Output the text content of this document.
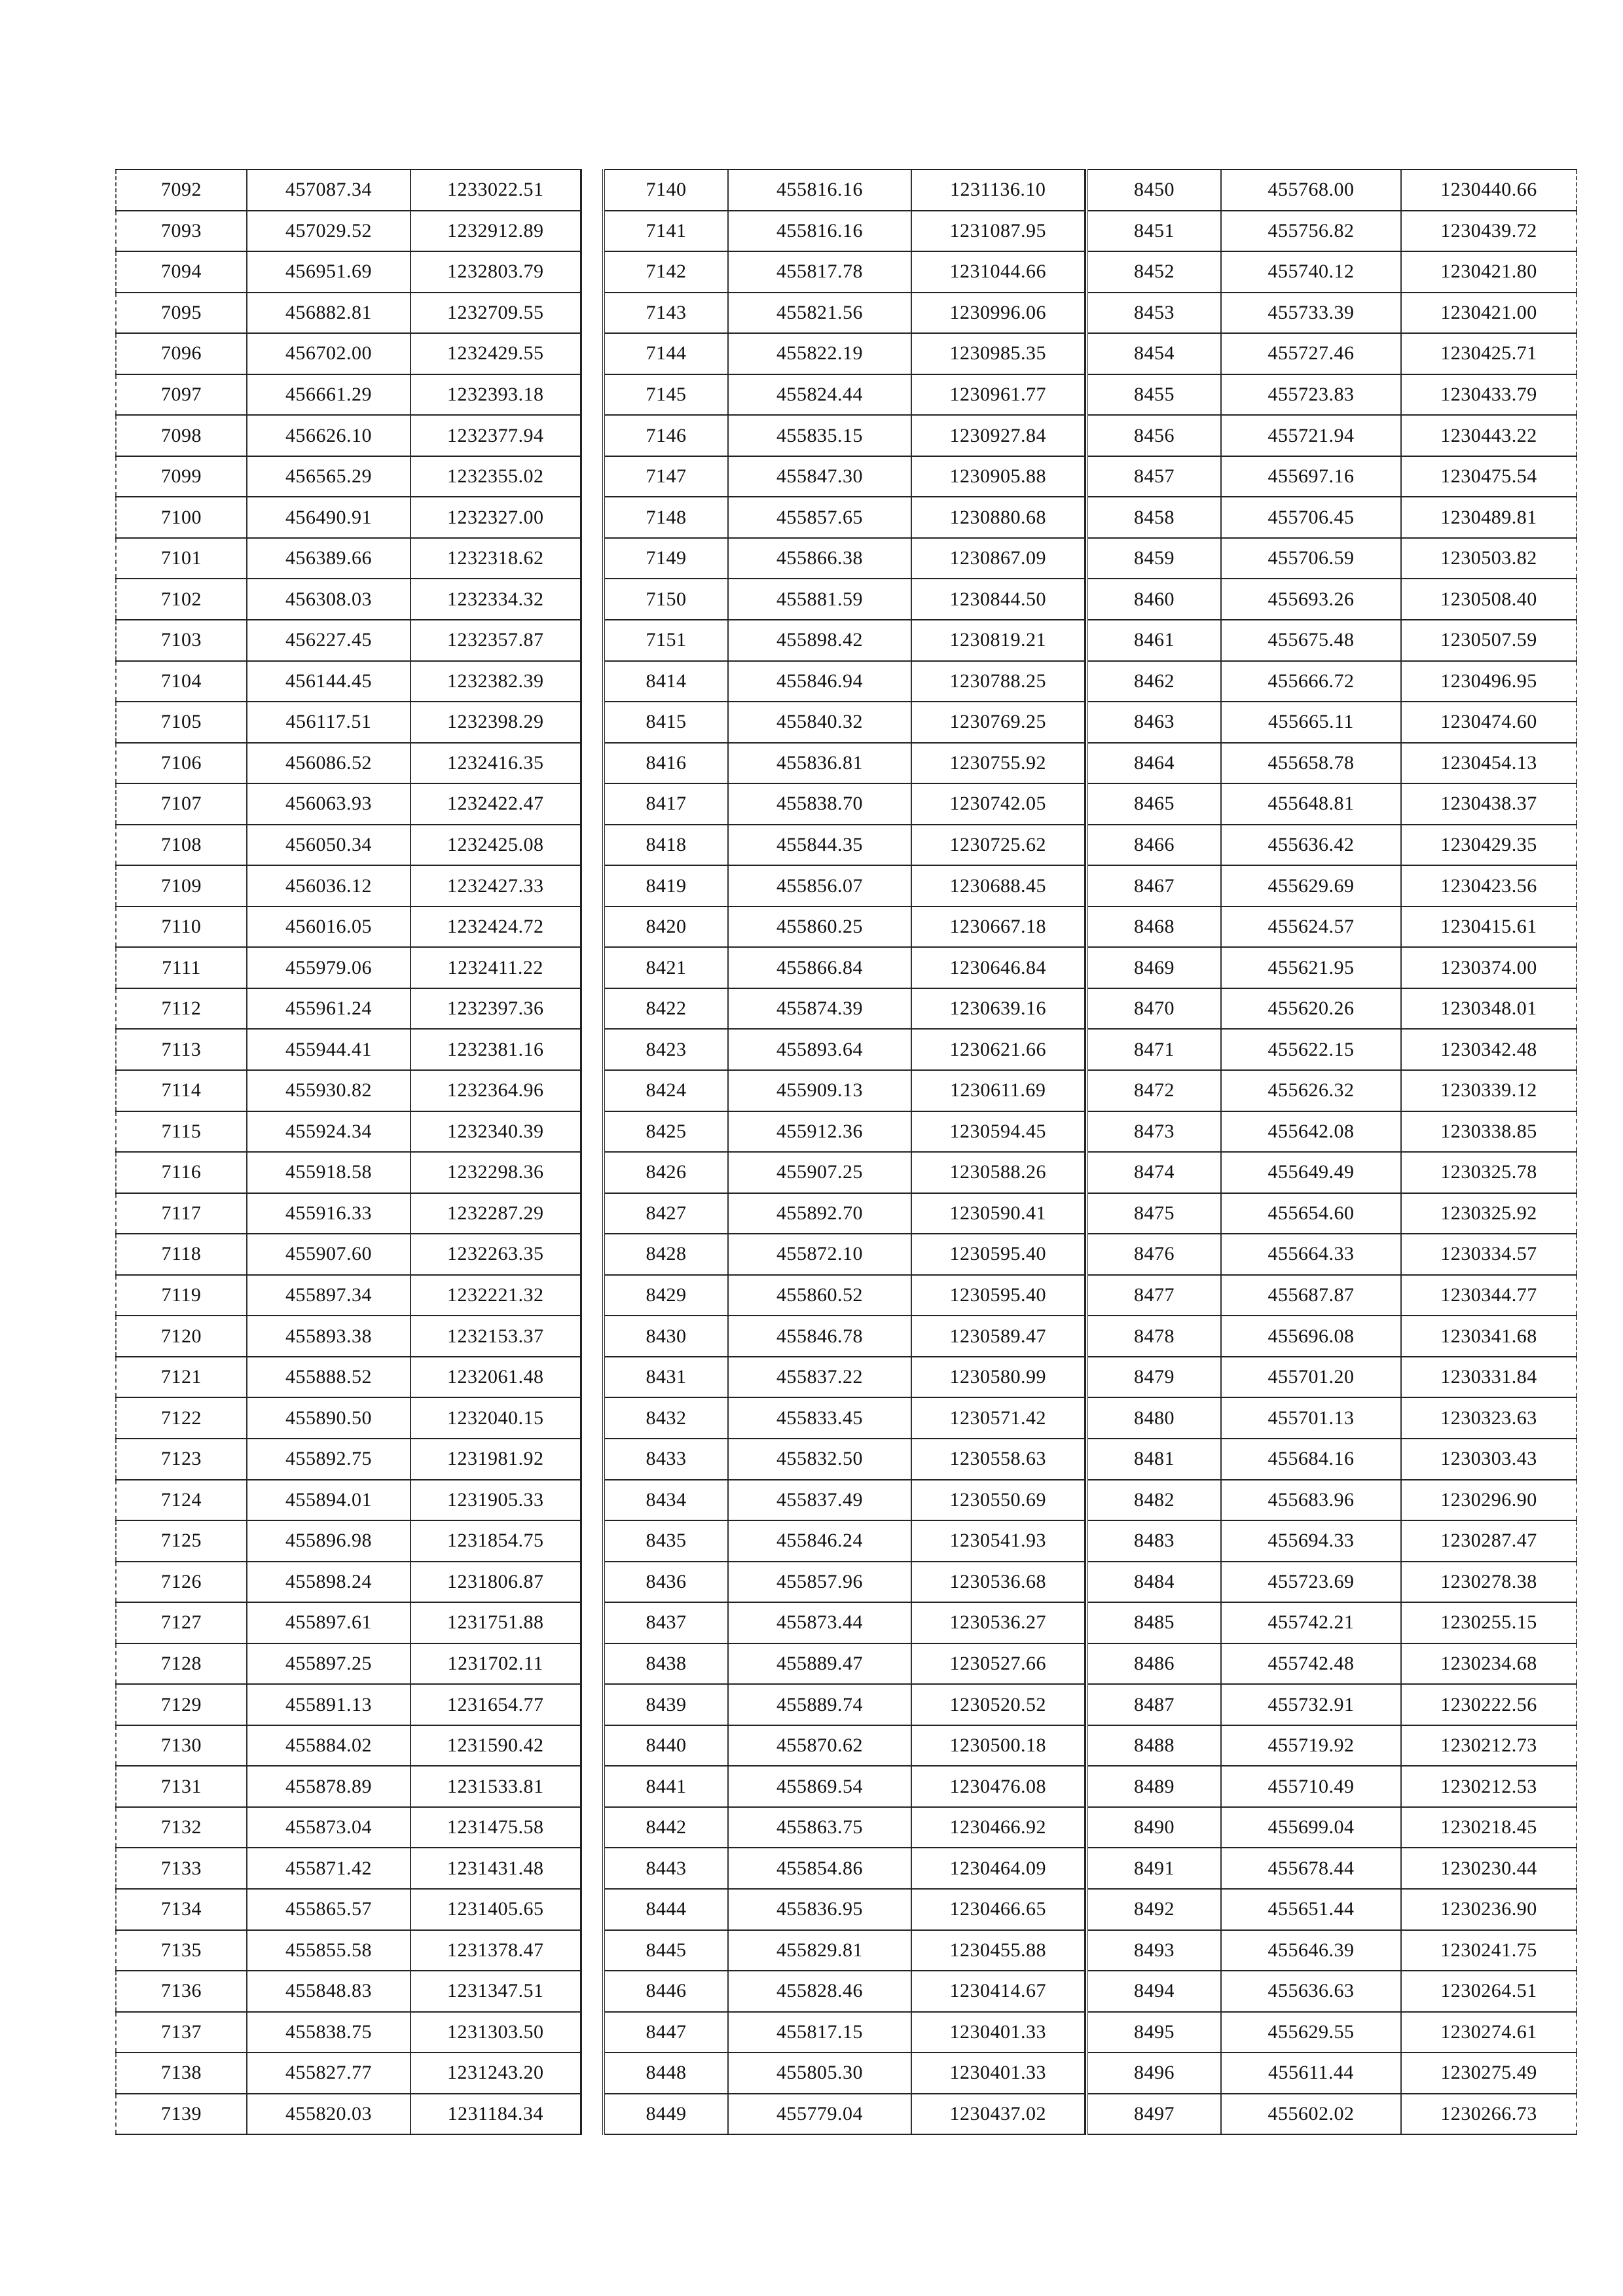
7092	457087.34	1233022.51
7093	457029.52	1232912.89
7094	456951.69	1232803.79
7095	456882.81	1232709.55
7096	456702.00	1232429.55
7097	456661.29	1232393.18
7098	456626.10	1232377.94
7099	456565.29	1232355.02
7100	456490.91	1232327.00
7101	456389.66	1232318.62
7102	456308.03	1232334.32
7103	456227.45	1232357.87
7104	456144.45	1232382.39
7105	456117.51	1232398.29
7106	456086.52	1232416.35
7107	456063.93	1232422.47
7108	456050.34	1232425.08
7109	456036.12	1232427.33
7110	456016.05	1232424.72
7111	455979.06	1232411.22
7112	455961.24	1232397.36
7113	455944.41	1232381.16
7114	455930.82	1232364.96
7115	455924.34	1232340.39
7116	455918.58	1232298.36
7117	455916.33	1232287.29
7118	455907.60	1232263.35
7119	455897.34	1232221.32
7120	455893.38	1232153.37
7121	455888.52	1232061.48
7122	455890.50	1232040.15
7123	455892.75	1231981.92
7124	455894.01	1231905.33
7125	455896.98	1231854.75
7126	455898.24	1231806.87
7127	455897.61	1231751.88
7128	455897.25	1231702.11
7129	455891.13	1231654.77
7130	455884.02	1231590.42
7131	455878.89	1231533.81
7132	455873.04	1231475.58
7133	455871.42	1231431.48
7134	455865.57	1231405.65
7135	455855.58	1231378.47
7136	455848.83	1231347.51
7137	455838.75	1231303.50
7138	455827.77	1231243.20
7139	455820.03	1231184.34
7140	455816.16	1231136.10
7141	455816.16	1231087.95
7142	455817.78	1231044.66
7143	455821.56	1230996.06
7144	455822.19	1230985.35
7145	455824.44	1230961.77
7146	455835.15	1230927.84
7147	455847.30	1230905.88
7148	455857.65	1230880.68
7149	455866.38	1230867.09
7150	455881.59	1230844.50
7151	455898.42	1230819.21
8414	455846.94	1230788.25
8415	455840.32	1230769.25
8416	455836.81	1230755.92
8417	455838.70	1230742.05
8418	455844.35	1230725.62
8419	455856.07	1230688.45
8420	455860.25	1230667.18
8421	455866.84	1230646.84
8422	455874.39	1230639.16
8423	455893.64	1230621.66
8424	455909.13	1230611.69
8425	455912.36	1230594.45
8426	455907.25	1230588.26
8427	455892.70	1230590.41
8428	455872.10	1230595.40
8429	455860.52	1230595.40
8430	455846.78	1230589.47
8431	455837.22	1230580.99
8432	455833.45	1230571.42
8433	455832.50	1230558.63
8434	455837.49	1230550.69
8435	455846.24	1230541.93
8436	455857.96	1230536.68
8437	455873.44	1230536.27
8438	455889.47	1230527.66
8439	455889.74	1230520.52
8440	455870.62	1230500.18
8441	455869.54	1230476.08
8442	455863.75	1230466.92
8443	455854.86	1230464.09
8444	455836.95	1230466.65
8445	455829.81	1230455.88
8446	455828.46	1230414.67
8447	455817.15	1230401.33
8448	455805.30	1230401.33
8449	455779.04	1230437.02
8450	455768.00	1230440.66
8451	455756.82	1230439.72
8452	455740.12	1230421.80
8453	455733.39	1230421.00
8454	455727.46	1230425.71
8455	455723.83	1230433.79
8456	455721.94	1230443.22
8457	455697.16	1230475.54
8458	455706.45	1230489.81
8459	455706.59	1230503.82
8460	455693.26	1230508.40
8461	455675.48	1230507.59
8462	455666.72	1230496.95
8463	455665.11	1230474.60
8464	455658.78	1230454.13
8465	455648.81	1230438.37
8466	455636.42	1230429.35
8467	455629.69	1230423.56
8468	455624.57	1230415.61
8469	455621.95	1230374.00
8470	455620.26	1230348.01
8471	455622.15	1230342.48
8472	455626.32	1230339.12
8473	455642.08	1230338.85
8474	455649.49	1230325.78
8475	455654.60	1230325.92
8476	455664.33	1230334.57
8477	455687.87	1230344.77
8478	455696.08	1230341.68
8479	455701.20	1230331.84
8480	455701.13	1230323.63
8481	455684.16	1230303.43
8482	455683.96	1230296.90
8483	455694.33	1230287.47
8484	455723.69	1230278.38
8485	455742.21	1230255.15
8486	455742.48	1230234.68
8487	455732.91	1230222.56
8488	455719.92	1230212.73
8489	455710.49	1230212.53
8490	455699.04	1230218.45
8491	455678.44	1230230.44
8492	455651.44	1230236.90
8493	455646.39	1230241.75
8494	455636.63	1230264.51
8495	455629.55	1230274.61
8496	455611.44	1230275.49
8497	455602.02	1230266.73
